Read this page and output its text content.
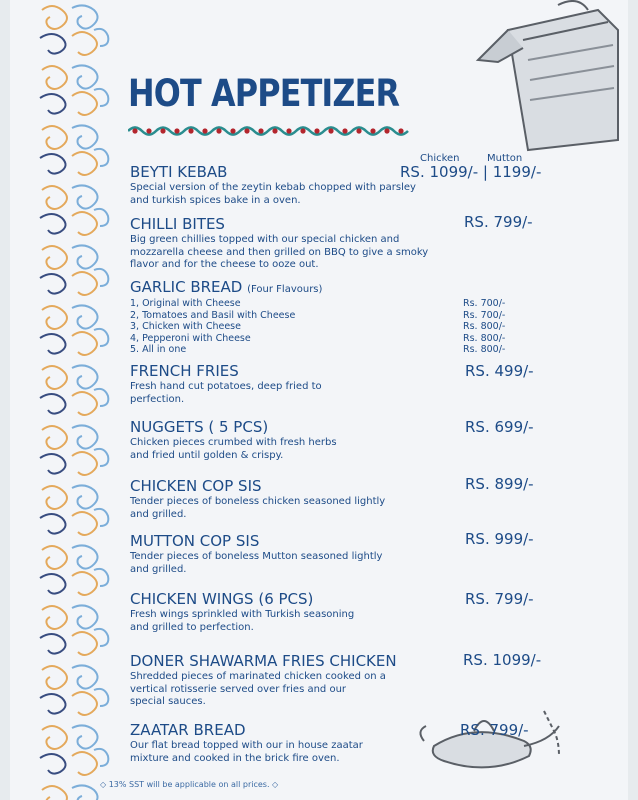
HOT APPETIZER
Chicken	Mutton
BEYTI KEBAB
Special version of the zeytin kebab chopped with parsley
and turkish spices bake in a oven.
RS. 1099/- | 1199/-
CHILLI BITES
Big green chillies topped with our special chicken and
mozzarella cheese and then grilled on BBQ to give a smoky
flavor and for the cheese to ooze out.
RS. 799/-
GARLIC BREAD (Four Flavours)
1, Original with Cheese
2, Tomatoes and Basil with Cheese
3, Chicken with Cheese
4, Pepperoni with Cheese
5. All in one
Rs. 700/-
Rs. 700/-
Rs. 800/-
Rs. 800/-
Rs. 800/-
FRENCH FRIES
Fresh hand cut potatoes, deep fried to
perfection.
RS. 499/-
NUGGETS ( 5 PCS)
Chicken pieces crumbed with fresh herbs
and fried until golden & crispy.
RS. 699/-
CHICKEN COP SIS
Tender pieces of boneless chicken seasoned lightly
and grilled.
RS. 899/-
MUTTON COP SIS
Tender pieces of boneless Mutton seasoned lightly
and grilled.
RS. 999/-
CHICKEN WINGS (6 PCS)
Fresh wings sprinkled with Turkish seasoning
and grilled to perfection.
RS. 799/-
DONER SHAWARMA FRIES CHICKEN
Shredded pieces of marinated chicken cooked on a
vertical rotisserie served over fries and our
special sauces.
RS. 1099/-
ZAATAR BREAD
Our flat bread topped with our in house zaatar
mixture and cooked in the brick fire oven.
RS. 799/-
◇ 13% SST will be applicable on all prices. ◇
